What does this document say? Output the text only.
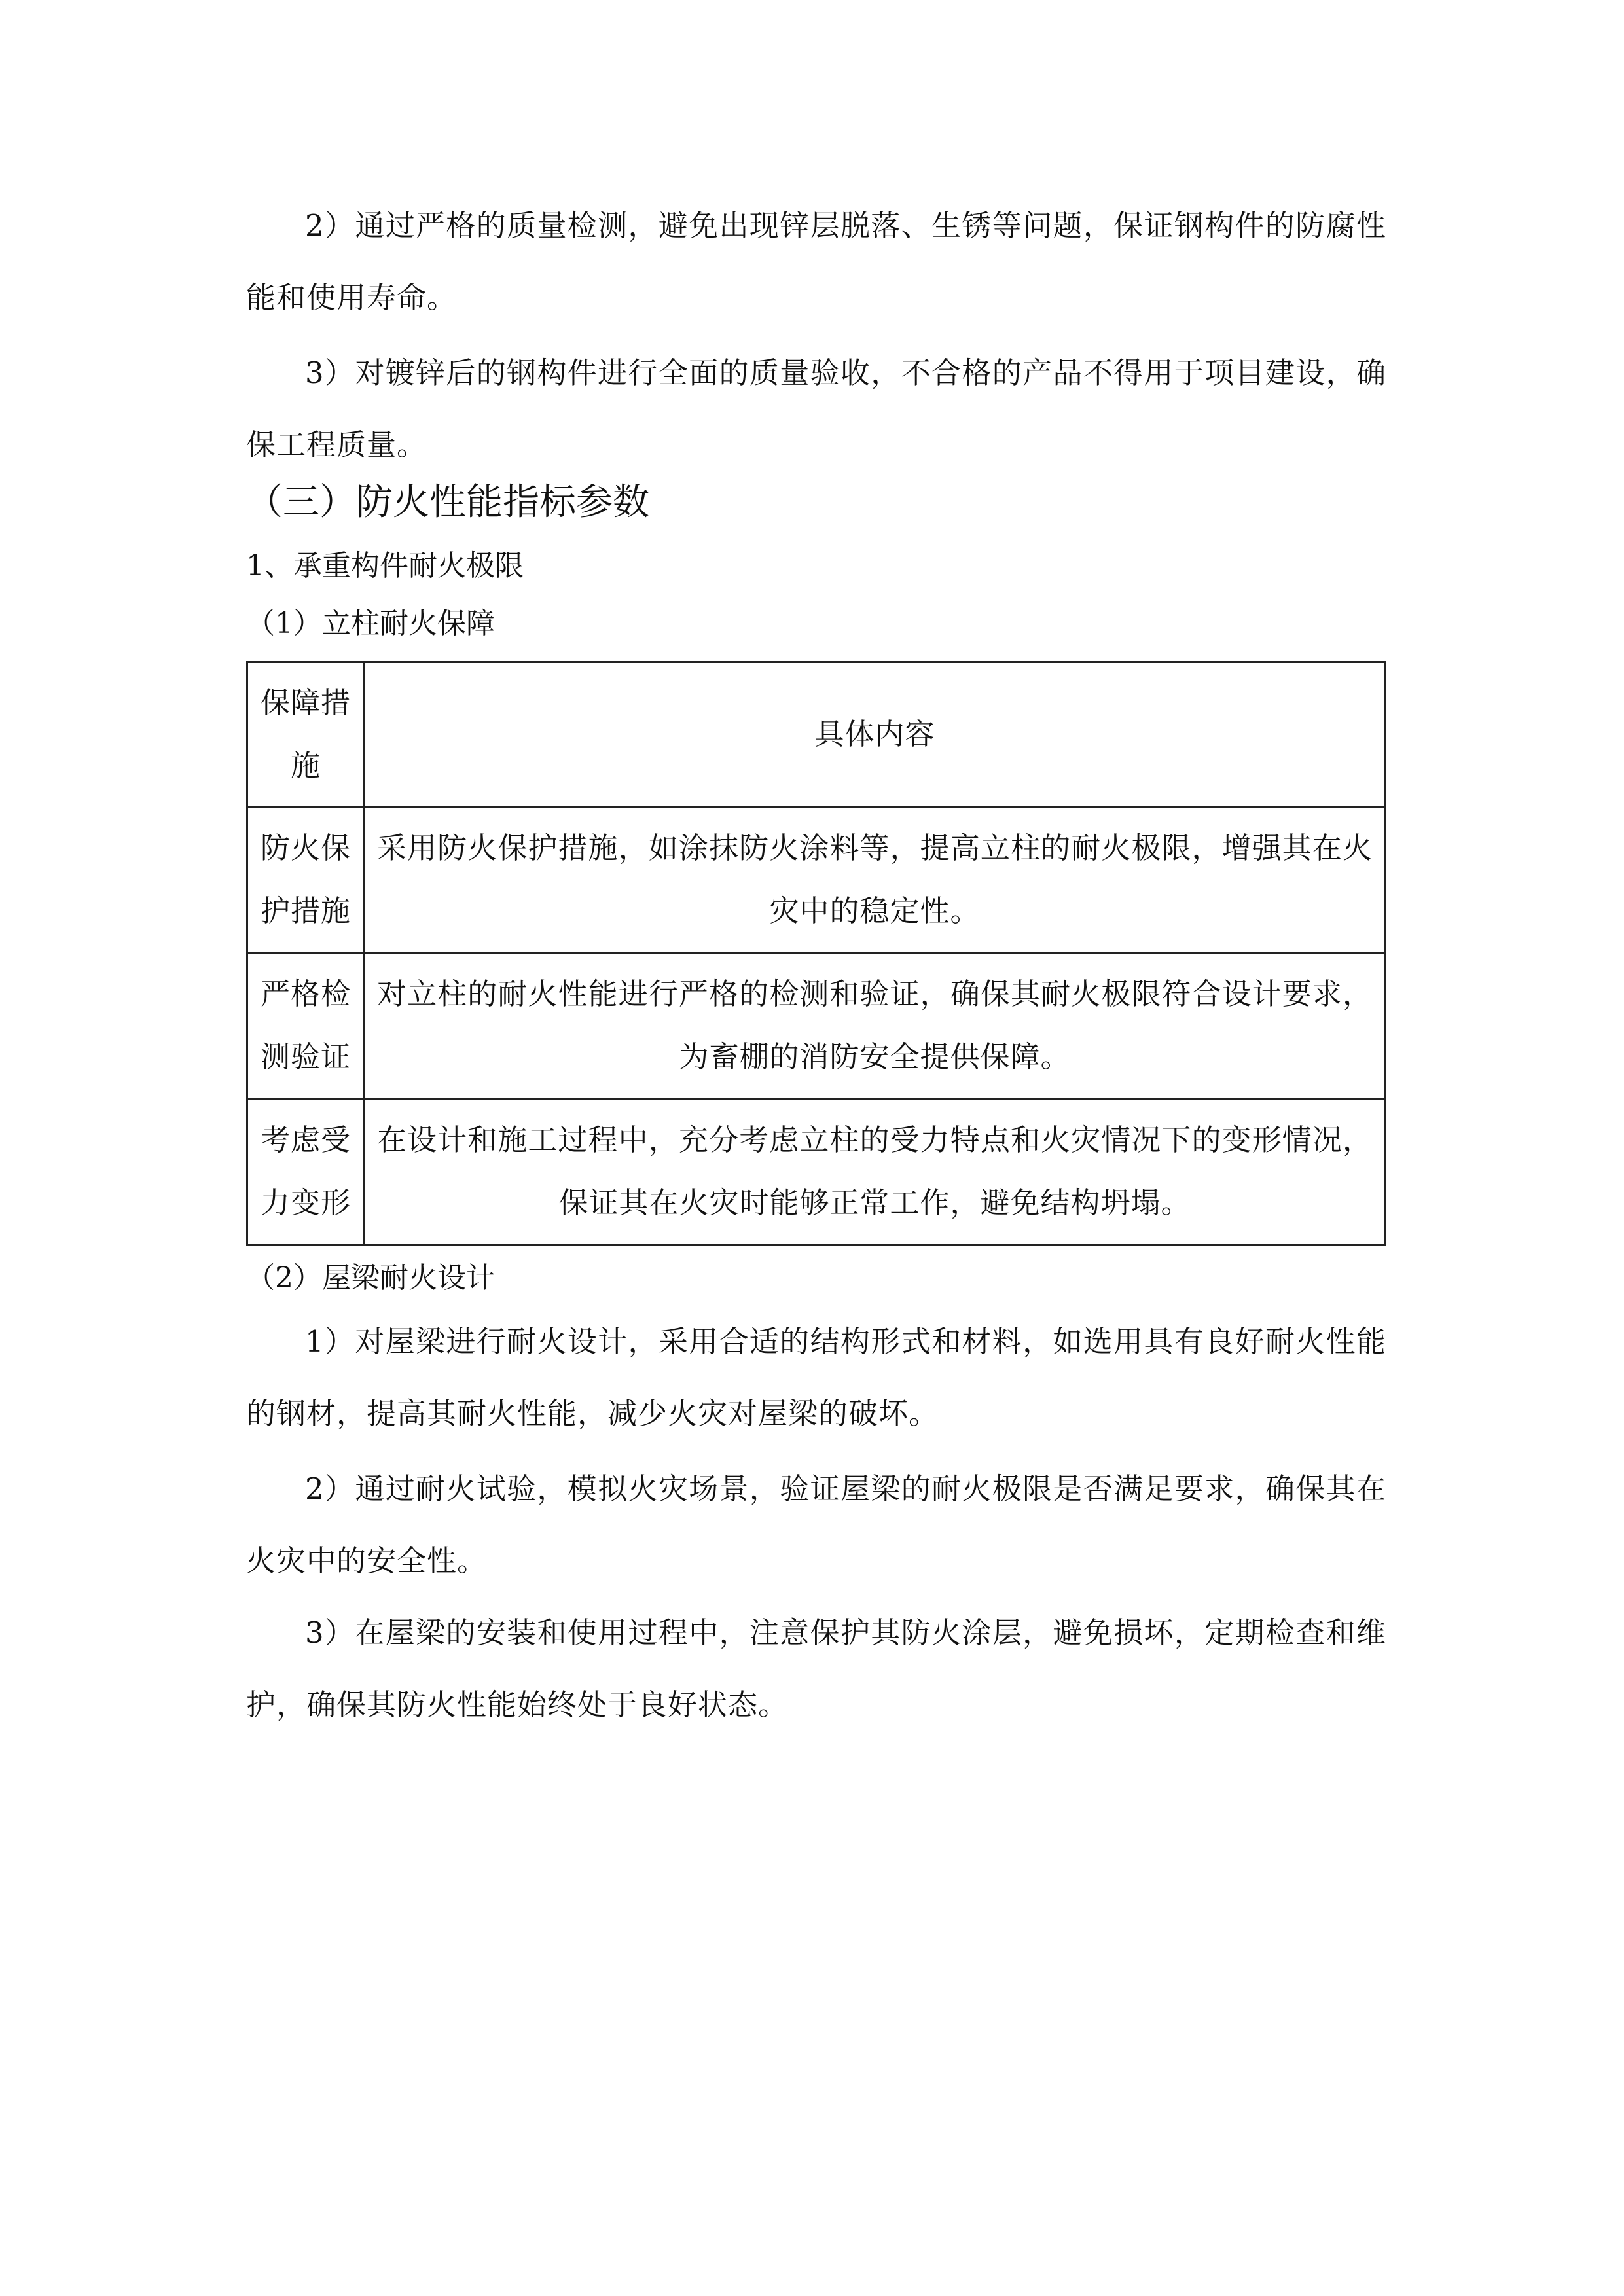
2）通过严格的质量检测，避免出现锌层脱落、生锈等问题，保证钢构件的防腐性能和使用寿命。

3）对镀锌后的钢构件进行全面的质量验收，不合格的产品不得用于项目建设，确保工程质量。

（三）防火性能指标参数
1、承重构件耐火极限
（1）立柱耐火保障
保障措施	具体内容
防火保护措施	采用防火保护措施，如涂抹防火涂料等，提高立柱的耐火极限，增强其在火灾中的稳定性。
严格检测验证	对立柱的耐火性能进行严格的检测和验证，确保其耐火极限符合设计要求，为畜棚的消防安全提供保障。
考虑受力变形	在设计和施工过程中，充分考虑立柱的受力特点和火灾情况下的变形情况，保证其在火灾时能够正常工作，避免结构坍塌。
（2）屋梁耐火设计

1）对屋梁进行耐火设计，采用合适的结构形式和材料，如选用具有良好耐火性能的钢材，提高其耐火性能，减少火灾对屋梁的破坏。

2）通过耐火试验，模拟火灾场景，验证屋梁的耐火极限是否满足要求，确保其在火灾中的安全性。

3）在屋梁的安装和使用过程中，注意保护其防火涂层，避免损坏，定期检查和维护，确保其防火性能始终处于良好状态。
